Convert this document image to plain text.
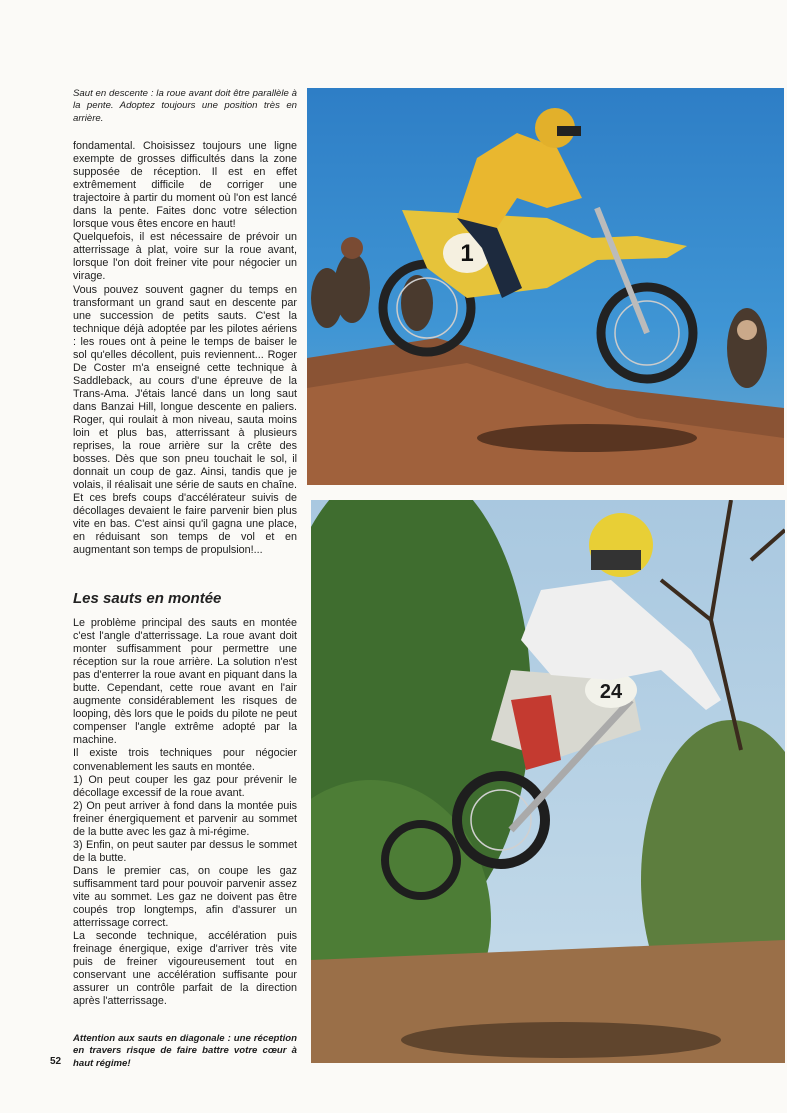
Saut en descente : la roue avant doit être parallèle à la pente. Adoptez toujours une position très en arrière.

fondamental. Choisissez toujours une ligne exempte de grosses difficultés dans la zone supposée de réception. Il est en effet extrêmement difficile de corriger une trajectoire à partir du moment où l'on est lancé dans la pente. Faites donc votre sélection lorsque vous êtes encore en haut!

Quelquefois, il est nécessaire de prévoir un atterrissage à plat, voire sur la roue avant, lorsque l'on doit freiner vite pour négocier un virage.

Vous pouvez souvent gagner du temps en transformant un grand saut en descente par une succession de petits sauts. C'est la technique déjà adoptée par les pilotes aériens : les roues ont à peine le temps de baiser le sol qu'elles décollent, puis reviennent... Roger De Coster m'a enseigné cette technique à Saddleback, au cours d'une épreuve de la Trans-Ama. J'étais lancé dans un long saut dans Banzai Hill, longue descente en paliers. Roger, qui roulait à mon niveau, sauta moins loin et plus bas, atterrissant à plusieurs reprises, la roue arrière sur la crête des bosses. Dès que son pneu touchait le sol, il donnait un coup de gaz. Ainsi, tandis que je volais, il réalisait une série de sauts en chaîne. Et ces brefs coups d'accélérateur suivis de décollages devaient le faire parvenir bien plus vite en bas. C'est ainsi qu'il gagna une place, en réduisant son temps de vol et en augmentant son temps de propulsion!...

Les sauts en montée

Le problème principal des sauts en montée c'est l'angle d'atterrissage. La roue avant doit monter suffisamment pour permettre une réception sur la roue arrière. La solution n'est pas d'enterrer la roue avant en piquant dans la butte. Cependant, cette roue avant en l'air augmente considérablement les risques de looping, dès lors que le poids du pilote ne peut compenser l'angle extrême adopté par la machine.

Il existe trois techniques pour négocier convenablement les sauts en montée.

1) On peut couper les gaz pour prévenir le décollage excessif de la roue avant.

2) On peut arriver à fond dans la montée puis freiner énergiquement et parvenir au sommet de la butte avec les gaz à mi-régime.

3) Enfin, on peut sauter par dessus le sommet de la butte.

Dans le premier cas, on coupe les gaz suffisamment tard pour pouvoir parvenir assez vite au sommet. Les gaz ne doivent pas être coupés trop longtemps, afin d'assurer un atterrissage correct.

La seconde technique, accélération puis freinage énergique, exige d'arriver très vite puis de freiner vigoureusement tout en conservant une accélération suffisante pour assurer un contrôle parfait de la direction après l'atterrissage.

Attention aux sauts en diagonale : une réception en travers risque de faire battre votre cœur à haut régime!
52
1
24
